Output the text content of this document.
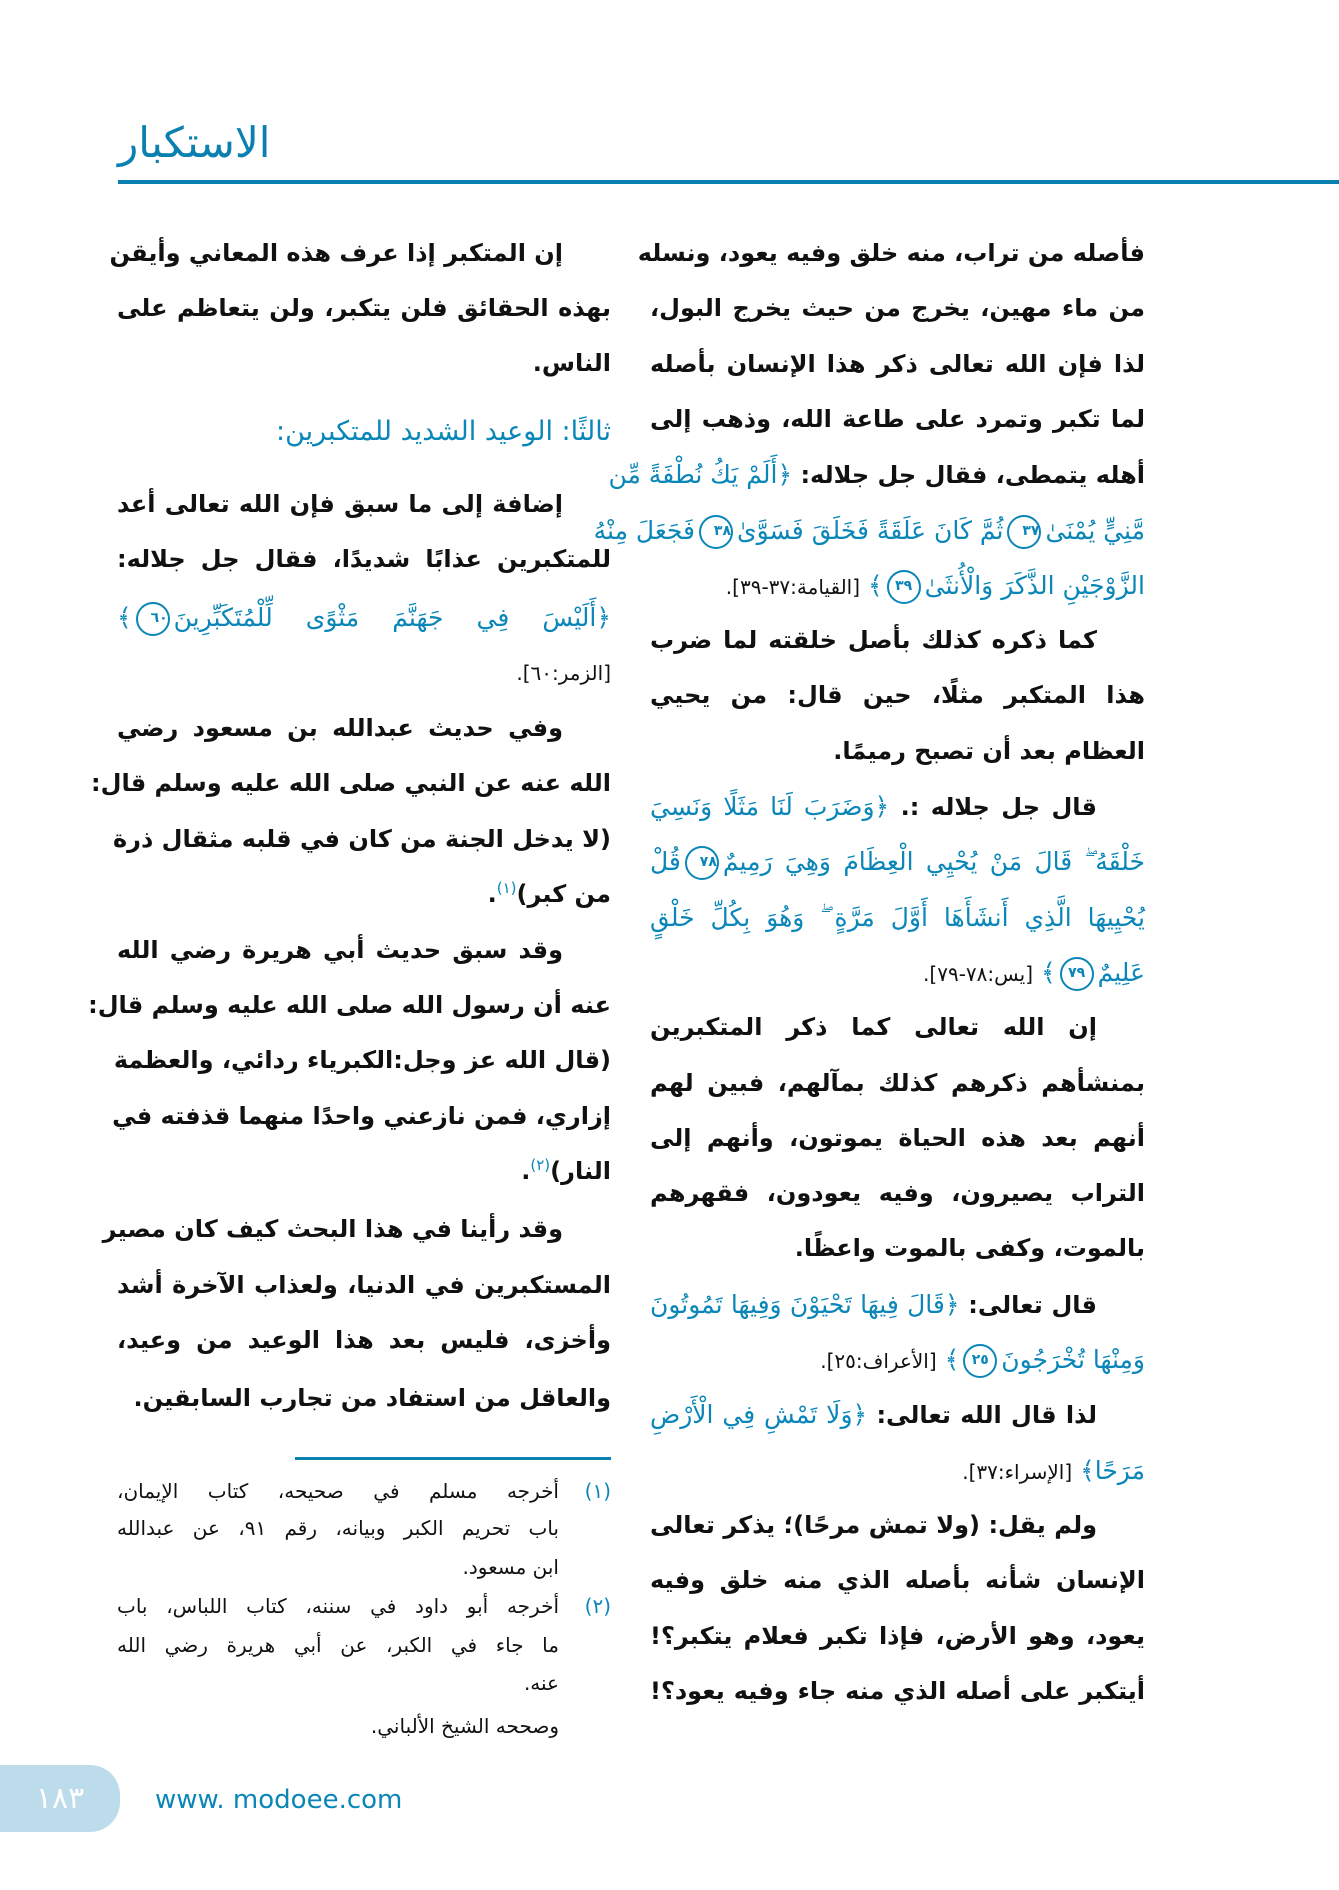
الاستكبار
فأصله من تراب، منه خلق وفيه يعود، ونسله
من ماء مهين، يخرج من حيث يخرج البول،
لذا فإن الله تعالى ذكر هذا الإنسان بأصله
لما تكبر وتمرد على طاعة الله، وذهب إلى
أهله يتمطى، فقال جل جلاله: ﴿أَلَمْ يَكُ نُطْفَةً مِّن
مَّنِيٍّ يُمْنَىٰ٣٧ثُمَّ كَانَ عَلَقَةً فَخَلَقَ فَسَوَّىٰ٣٨فَجَعَلَ مِنْهُ
الزَّوْجَيْنِ الذَّكَرَ وَالْأُنثَىٰ٣٩﴾ [القيامة:٣٧-٣٩].
كما ذكره كذلك بأصل خلقته لما ضرب
هذا المتكبر مثلًا، حين قال: من يحيي
العظام بعد أن تصبح رميمًا.
قال جل جلاله :. ﴿وَضَرَبَ لَنَا مَثَلًا وَنَسِيَ
خَلْقَهُ ۖ قَالَ مَنْ يُحْيِي الْعِظَامَ وَهِيَ رَمِيمٌ٧٨قُلْ
يُحْيِيهَا الَّذِي أَنشَأَهَا أَوَّلَ مَرَّةٍ ۖ وَهُوَ بِكُلِّ خَلْقٍ
عَلِيمٌ٧٩﴾ [يس:٧٨-٧٩].
إن الله تعالى كما ذكر المتكبرين
بمنشأهم ذكرهم كذلك بمآلهم، فبين لهم
أنهم بعد هذه الحياة يموتون، وأنهم إلى
التراب يصيرون، وفيه يعودون، فقهرهم
بالموت، وكفى بالموت واعظًا.
قال تعالى: ﴿قَالَ فِيهَا تَحْيَوْنَ وَفِيهَا تَمُوتُونَ
وَمِنْهَا تُخْرَجُونَ٢٥﴾ [الأعراف:٢٥].
لذا قال الله تعالى: ﴿وَلَا تَمْشِ فِي الْأَرْضِ
مَرَحًا﴾ [الإسراء:٣٧].
ولم يقل: (ولا تمش مرحًا)؛ يذكر تعالى
الإنسان شأنه بأصله الذي منه خلق وفيه
يعود، وهو الأرض، فإذا تكبر فعلام يتكبر؟!
أيتكبر على أصله الذي منه جاء وفيه يعود؟!
إن المتكبر إذا عرف هذه المعاني وأيقن
بهذه الحقائق فلن يتكبر، ولن يتعاظم على
الناس.
ثالثًا: الوعيد الشديد للمتكبرين:
إضافة إلى ما سبق فإن الله تعالى أعد
للمتكبرين عذابًا شديدًا، فقال جل جلاله:
﴿أَلَيْسَ فِي جَهَنَّمَ مَثْوًى لِّلْمُتَكَبِّرِينَ٦٠﴾
[الزمر:٦٠].
وفي حديث عبدالله بن مسعود رضي
الله عنه عن النبي صلى الله عليه وسلم قال:
(لا يدخل الجنة من كان في قلبه مثقال ذرة
من كبر)$^{(١)}$.
وقد سبق حديث أبي هريرة رضي الله
عنه أن رسول الله صلى الله عليه وسلم قال:
(قال الله عز وجل:الكبرياء ردائي، والعظمة
إزاري، فمن نازعني واحدًا منهما قذفته في
النار)$^{(٢)}$.
وقد رأينا في هذا البحث كيف كان مصير
المستكبرين في الدنيا، ولعذاب الآخرة أشد
وأخزى، فليس بعد هذا الوعيد من وعيد،
والعاقل من استفاد من تجارب السابقين.
(١)
أخرجه مسلم في صحيحه، كتاب الإيمان،
باب تحريم الكبر وبيانه، رقم ٩١، عن عبدالله
ابن مسعود.
(٢)
أخرجه أبو داود في سننه، كتاب اللباس، باب
ما جاء في الكبر، عن أبي هريرة رضي الله
عنه.
وصححه الشيخ الألباني.
١٨٣	www. modoee.com
